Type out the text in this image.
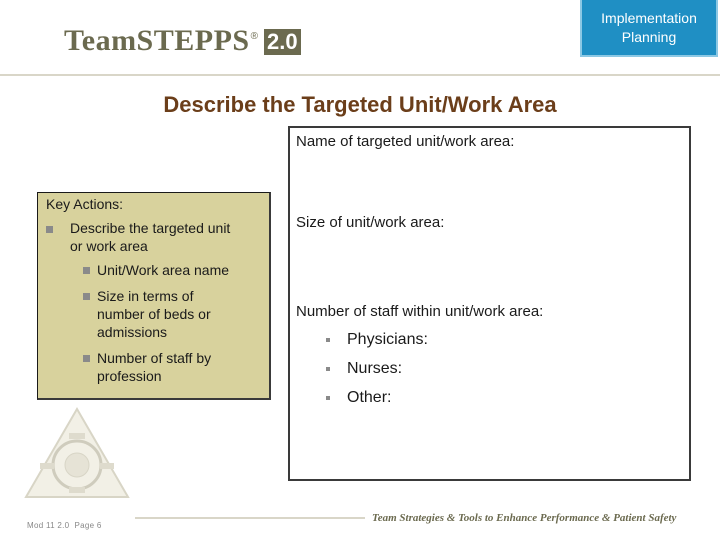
TeamSTEPPS ® 2.0
Implementation
Planning
Describe the Targeted Unit/Work Area
Name of targeted unit/work area:
Size of unit/work area:
Number of staff within unit/work area:
Physicians:
Nurses:
Other:
Key Actions:
Describe the targeted unit
or work area
Unit/Work area name
Size in terms of
number of beds or
admissions
Number of staff by
profession
Mod 11 2.0 Page 6
Team Strategies & Tools to Enhance Performance & Patient Safety
